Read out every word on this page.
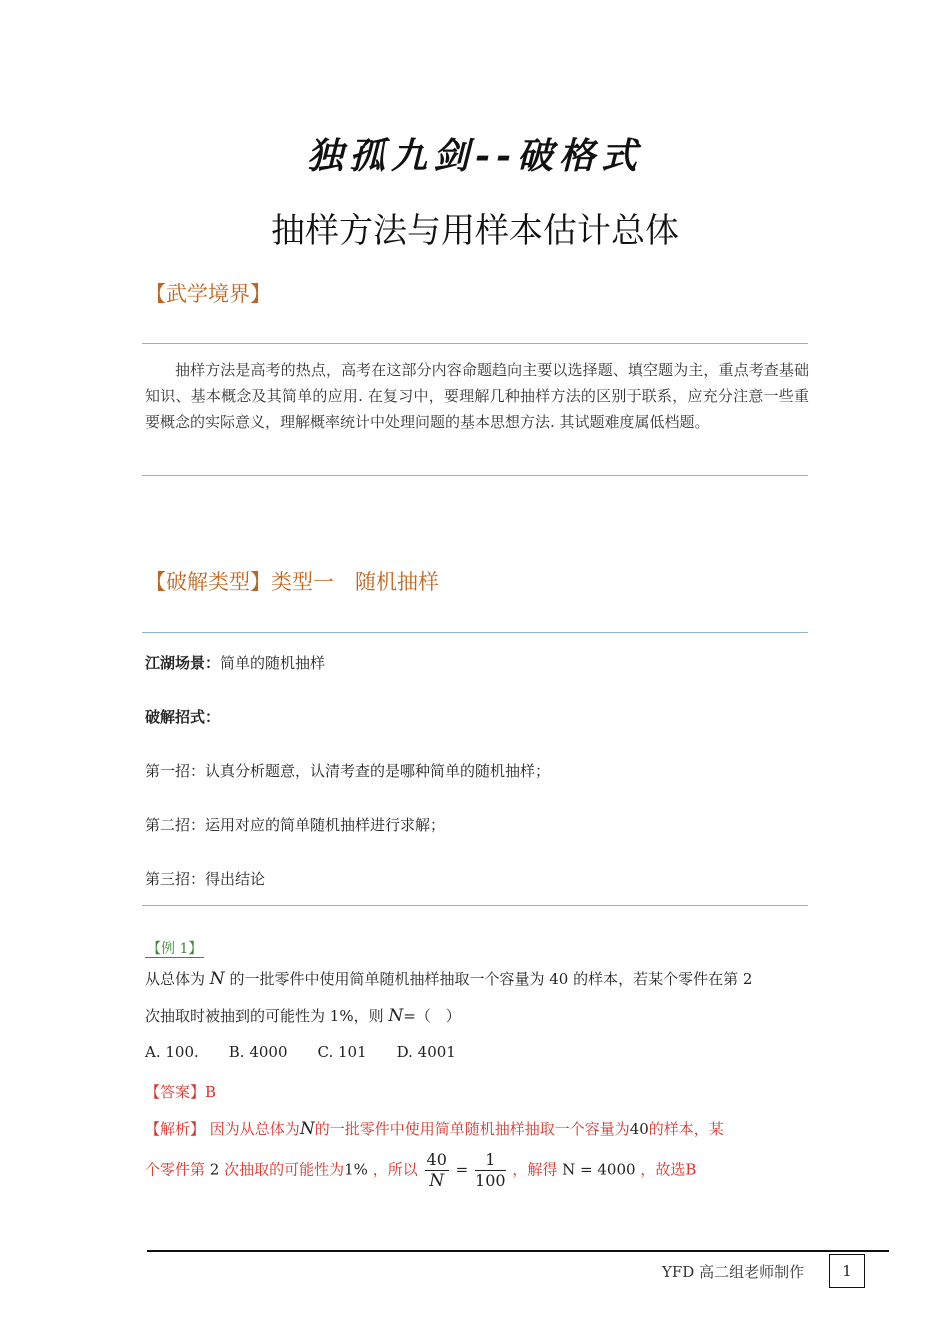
独孤九剑--破格式
抽样方法与用样本估计总体
【武学境界】
抽样方法是高考的热点，高考在这部分内容命题趋向主要以选择题、填空题为主，重点考查基础知识、基本概念及其简单的应用. 在复习中，要理解几种抽样方法的区别于联系，应充分注意一些重要概念的实际意义，理解概率统计中处理问题的基本思想方法. 其试题难度属低档题。
【破解类型】类型一　随机抽样
江湖场景：简单的随机抽样
破解招式：
第一招：认真分析题意，认清考查的是哪种简单的随机抽样；
第二招：运用对应的简单随机抽样进行求解；
第三招：得出结论
【例 1】
从总体为 N 的一批零件中使用简单随机抽样抽取一个容量为 40 的样本，若某个零件在第 2
次抽取时被抽到的可能性为 1%，则 N=（　）
A. 100. B. 4000 C. 101 D. 4001
【答案】B
【解析】 因为从总体为N的一批零件中使用简单随机抽样抽取一个容量为40的样本，某
个零件第 2 次抽取的可能性为1% ，所以 $\frac{40}{N} = \frac{1}{100}$ ，解得 N = 4000 ，故选B
YFD 高二组老师制作	1
